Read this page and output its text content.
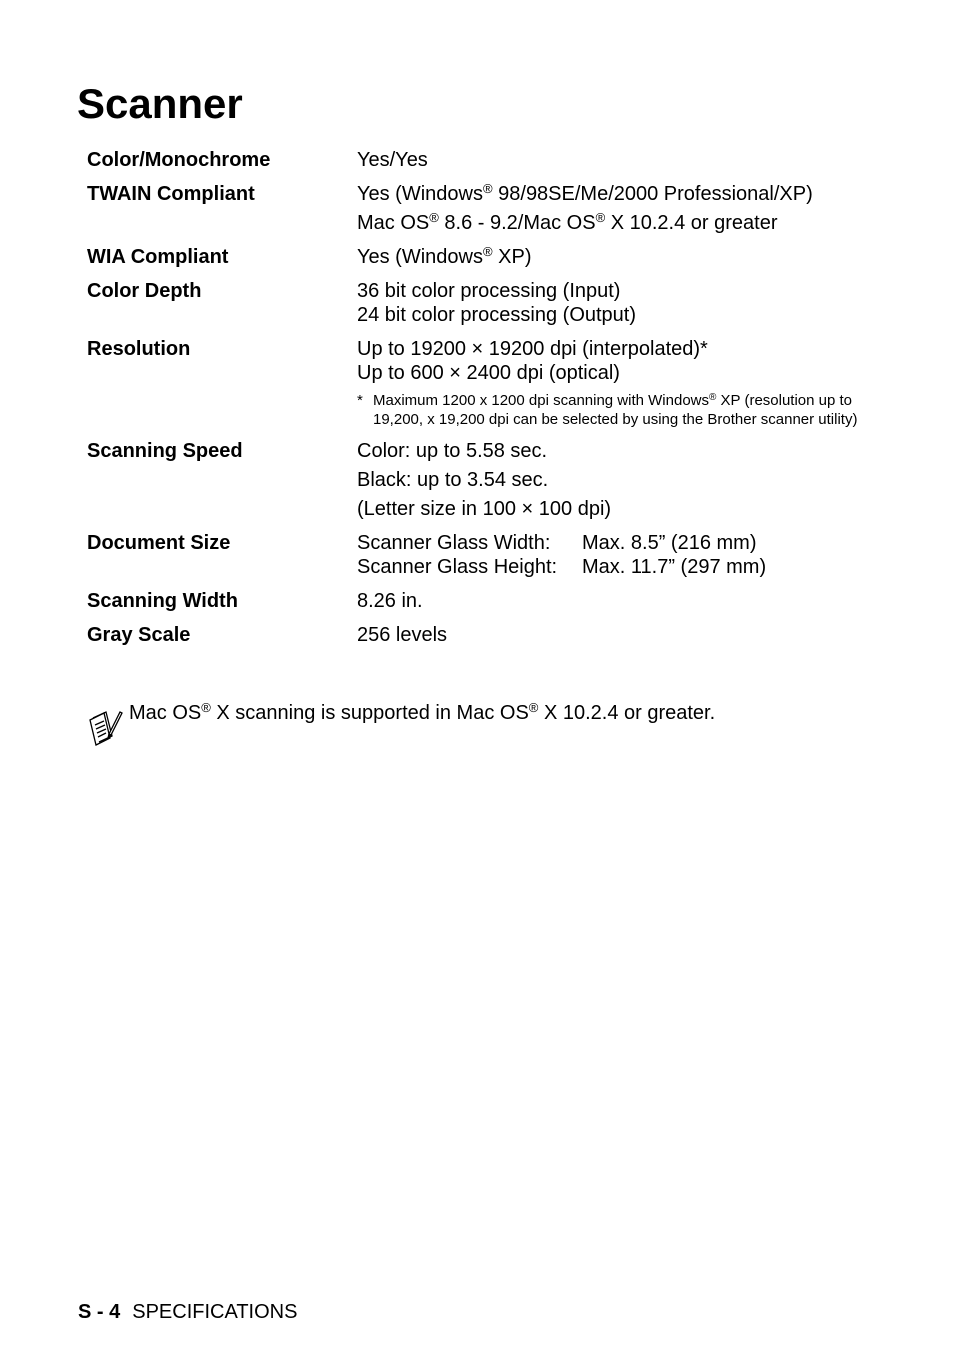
Scanner
Color/Monochrome	Yes/Yes
TWAIN Compliant	Yes (Windows® 98/98SE/Me/2000 Professional/XP)
Mac OS® 8.6 - 9.2/Mac OS® X 10.2.4 or greater
WIA Compliant	Yes (Windows® XP)
Color Depth	36 bit color processing (Input)
24 bit color processing (Output)
Resolution	Up to 19200 × 19200 dpi (interpolated)*
Up to 600 × 2400 dpi (optical)
* Maximum 1200 x 1200 dpi scanning with Windows® XP (resolution up to 19,200, x 19,200 dpi can be selected by using the Brother scanner utility)
Scanning Speed	Color: up to 5.58 sec.
Black: up to 3.54 sec.
(Letter size in 100 × 100 dpi)
Document Size	Scanner Glass Width:	Max. 8.5” (216 mm)
Scanner Glass Height:	Max. 11.7” (297 mm)
Scanning Width	8.26 in.
Gray Scale	256 levels
Mac OS® X scanning is supported in Mac OS® X 10.2.4 or greater.
S - 4 SPECIFICATIONS
